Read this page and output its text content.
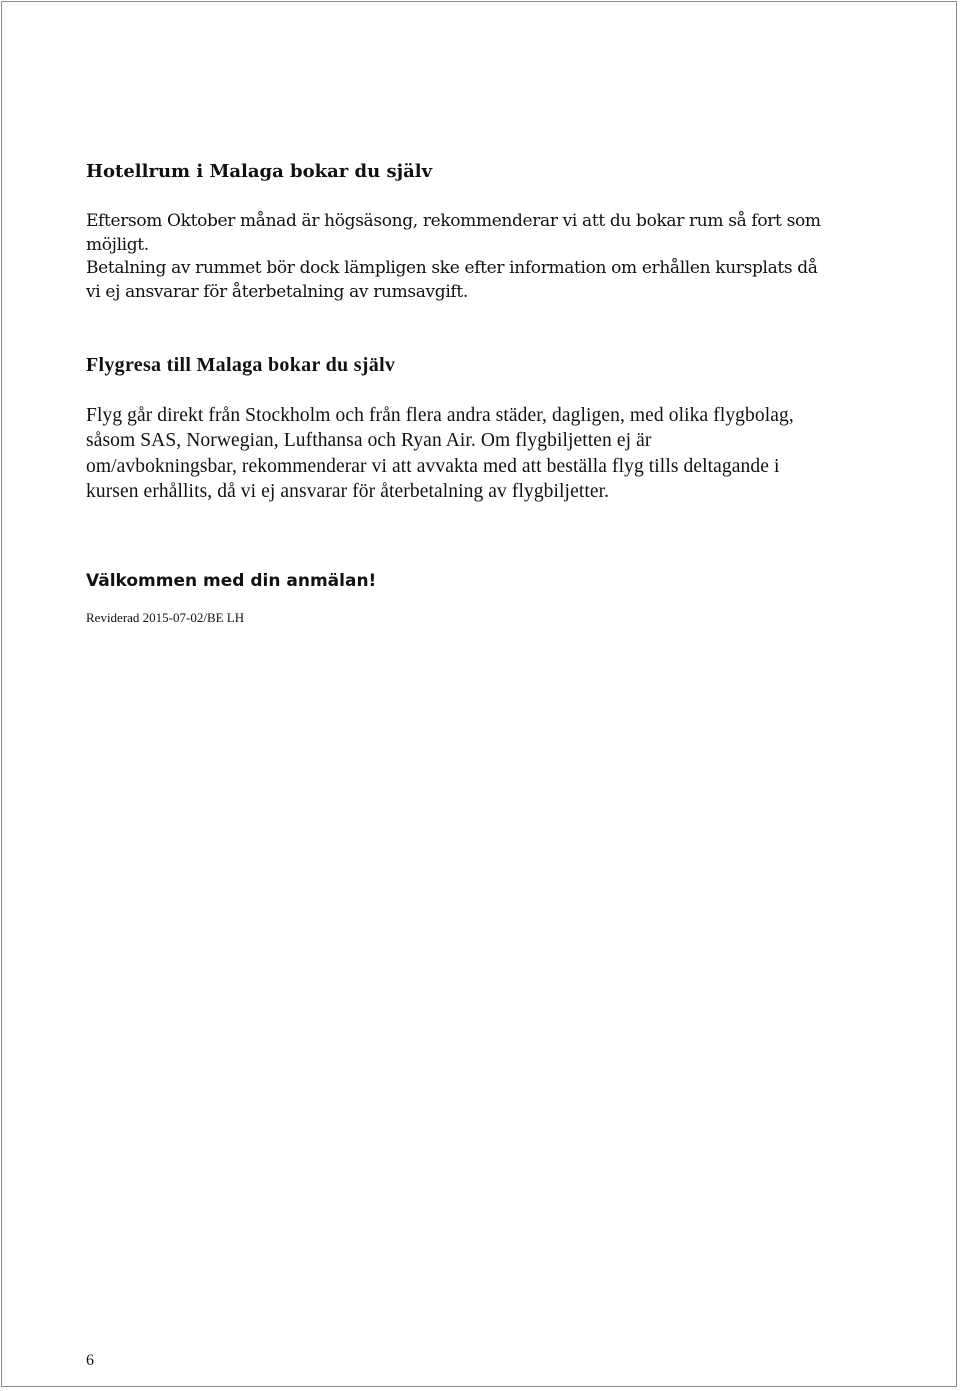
Hotellrum i Malaga bokar du själv

Eftersom Oktober månad är högsäsong, rekommenderar vi att du bokar rum så fort som
möjligt.
Betalning av rummet bör dock lämpligen ske efter information om erhållen kursplats då
vi ej ansvarar för återbetalning av rumsavgift.

Flygresa till Malaga bokar du själv

Flyg går direkt från Stockholm och från flera andra städer, dagligen, med olika flygbolag,
såsom SAS, Norwegian, Lufthansa och Ryan Air. Om flygbiljetten ej är
om/avbokningsbar, rekommenderar vi att avvakta med att beställa flyg tills deltagande i
kursen erhållits, då vi ej ansvarar för återbetalning av flygbiljetter.

Välkommen med din anmälan!

Reviderad 2015-07-02/BE LH

6
